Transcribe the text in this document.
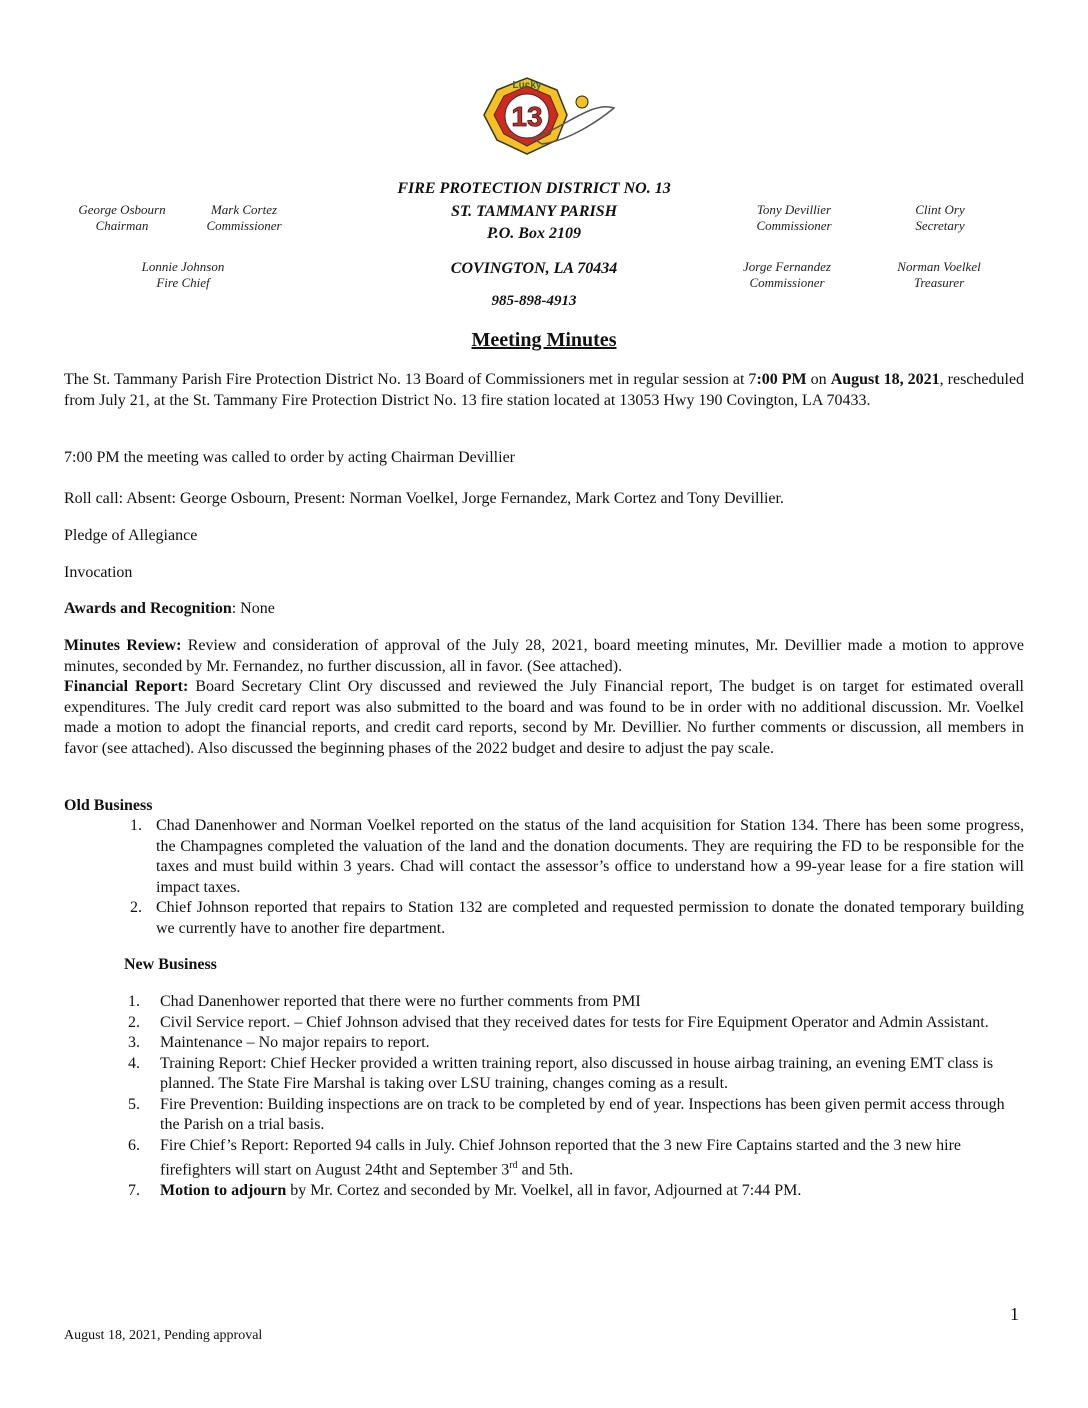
Lucky
13
George Osbourn
Chairman
Mark Cortez
Commissioner
Lonnie Johnson
Fire Chief
Tony Devillier
Commissioner
Clint Ory
Secretary
Jorge Fernandez
Commissioner
Norman Voelkel
Treasurer
FIRE PROTECTION DISTRICT NO. 13
ST. TAMMANY PARISH
P.O. Box 2109
COVINGTON, LA 70434
985-898-4913
Meeting Minutes
The St. Tammany Parish Fire Protection District No. 13 Board of Commissioners met in regular session at 7:00 PM on August 18, 2021, rescheduled from July 21, at the St. Tammany Fire Protection District No. 13 fire station located at 13053 Hwy 190 Covington, LA 70433.
7:00 PM the meeting was called to order by acting Chairman Devillier
Roll call: Absent: George Osbourn, Present: Norman Voelkel, Jorge Fernandez, Mark Cortez and Tony Devillier.
Pledge of Allegiance
Invocation
Awards and Recognition: None
Minutes Review: Review and consideration of approval of the July 28, 2021, board meeting minutes, Mr. Devillier made a motion to approve minutes, seconded by Mr. Fernandez, no further discussion, all in favor. (See attached).
Financial Report: Board Secretary Clint Ory discussed and reviewed the July Financial report, The budget is on target for estimated overall expenditures. The July credit card report was also submitted to the board and was found to be in order with no additional discussion. Mr. Voelkel made a motion to adopt the financial reports, and credit card reports, second by Mr. Devillier. No further comments or discussion, all members in favor (see attached). Also discussed the beginning phases of the 2022 budget and desire to adjust the pay scale.
Old Business
1. Chad Danenhower and Norman Voelkel reported on the status of the land acquisition for Station 134. There has been some progress, the Champagnes completed the valuation of the land and the donation documents. They are requiring the FD to be responsible for the taxes and must build within 3 years. Chad will contact the assessor’s office to understand how a 99-year lease for a fire station will impact taxes.
2. Chief Johnson reported that repairs to Station 132 are completed and requested permission to donate the donated temporary building we currently have to another fire department.
New Business
1. Chad Danenhower reported that there were no further comments from PMI
2. Civil Service report. – Chief Johnson advised that they received dates for tests for Fire Equipment Operator and Admin Assistant.
3. Maintenance – No major repairs to report.
4. Training Report: Chief Hecker provided a written training report, also discussed in house airbag training, an evening EMT class is planned. The State Fire Marshal is taking over LSU training, changes coming as a result.
5. Fire Prevention: Building inspections are on track to be completed by end of year. Inspections has been given permit access through the Parish on a trial basis.
6. Fire Chief’s Report: Reported 94 calls in July. Chief Johnson reported that the 3 new Fire Captains started and the 3 new hire firefighters will start on August 24tht and September 3rd and 5th.
7. Motion to adjourn by Mr. Cortez and seconded by Mr. Voelkel, all in favor, Adjourned at 7:44 PM.
1
August 18, 2021, Pending approval
